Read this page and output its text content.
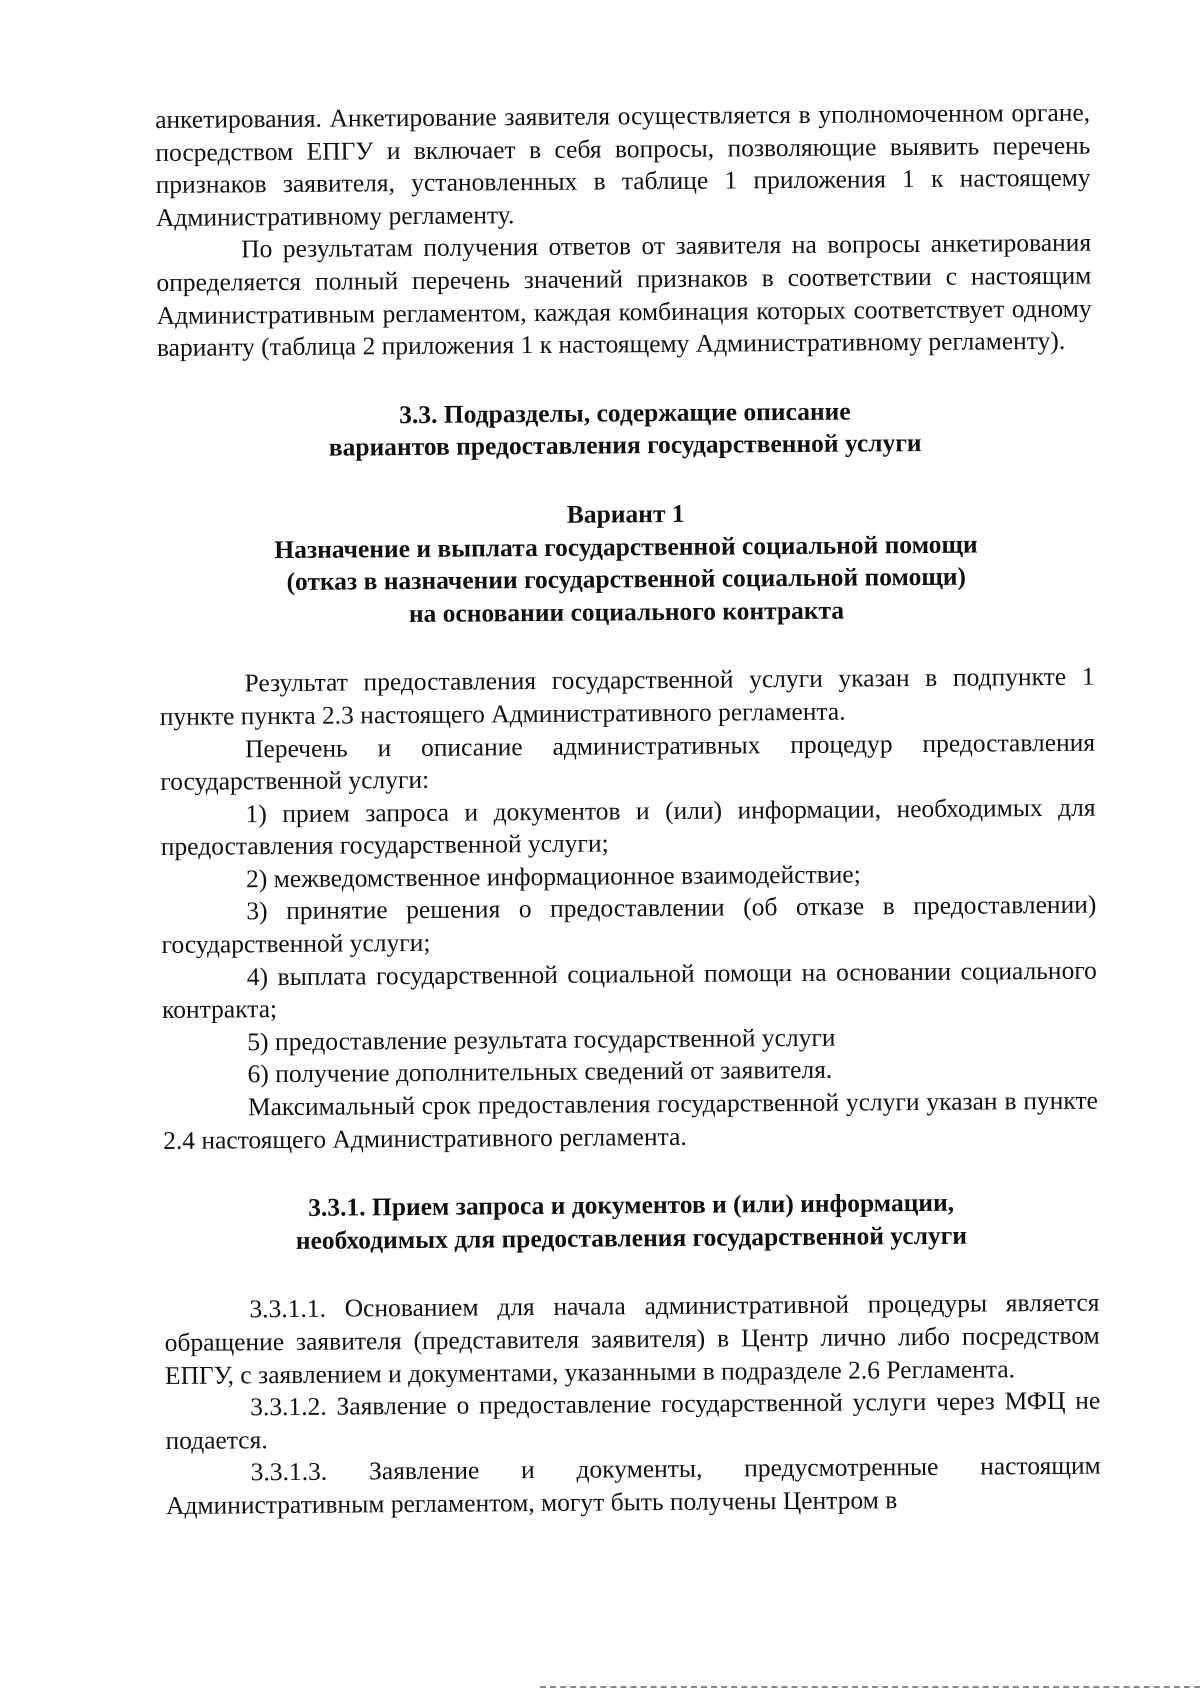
анкетирования. Анкетирование заявителя осуществляется в уполномоченном органе, посредством ЕПГУ и включает в себя вопросы, позволяющие выявить перечень признаков заявителя, установленных в таблице 1 приложения 1 к настоящему Административному регламенту.

По результатам получения ответов от заявителя на вопросы анкетирования определяется полный перечень значений признаков в соответствии с настоящим Административным регламентом, каждая комбинация которых соответствует одному варианту (таблица 2 приложения 1 к настоящему Административному регламенту).

3.3. Подразделы, содержащие описание
вариантов предоставления государственной услуги
Вариант 1
Назначение и выплата государственной социальной помощи
(отказ в назначении государственной социальной помощи)
на основании социального контракта

Результат предоставления государственной услуги указан в подпункте 1 пункте пункта 2.3 настоящего Административного регламента.

Перечень и описание административных процедур предоставления государственной услуги:

1) прием запроса и документов и (или) информации, необходимых для предоставления государственной услуги;

2) межведомственное информационное взаимодействие;

3) принятие решения о предоставлении (об отказе в предоставлении) государственной услуги;

4) выплата государственной социальной помощи на основании социального контракта;

5) предоставление результата государственной услуги

6) получение дополнительных сведений от заявителя.

Максимальный срок предоставления государственной услуги указан в пункте 2.4 настоящего Административного регламента.

3.3.1. Прием запроса и документов и (или) информации,
необходимых для предоставления государственной услуги

3.3.1.1. Основанием для начала административной процедуры является обращение заявителя (представителя заявителя) в Центр лично либо посредством ЕПГУ, с заявлением и документами, указанными в подразделе 2.6 Регламента.

3.3.1.2. Заявление о предоставление государственной услуги через МФЦ не подается.

3.3.1.3. Заявление и документы, предусмотренные настоящим Административным регламентом, могут быть получены Центром в
